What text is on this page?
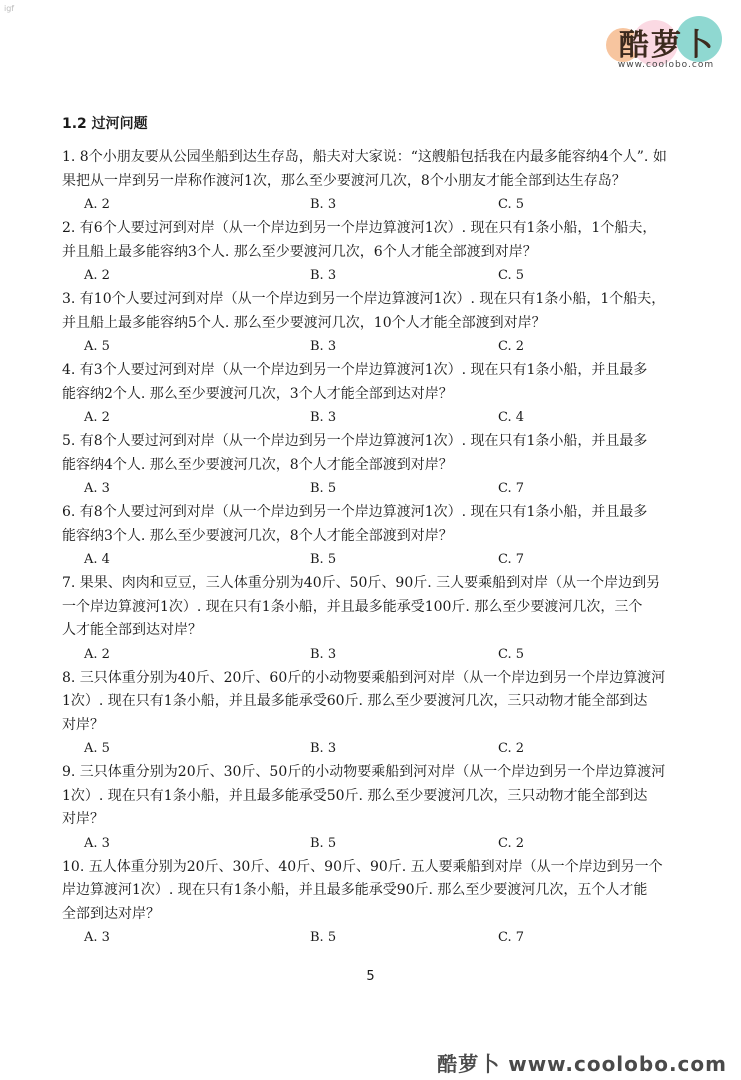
igf
酷萝卜
www.coolobo.com
1.2 过河问题

1. 8个小朋友要从公园坐船到达生存岛，船夫对大家说：“这艘船包括我在内最多能容纳4个人”. 如

果把从一岸到另一岸称作渡河1次，那么至少要渡河几次，8个小朋友才能全部到达生存岛？

A. 2	B. 3	C. 5

2. 有6个人要过河到对岸（从一个岸边到另一个岸边算渡河1次）. 现在只有1条小船，1个船夫，

并且船上最多能容纳3个人. 那么至少要渡河几次，6个人才能全部渡到对岸？

A. 2	B. 3	C. 5

3. 有10个人要过河到对岸（从一个岸边到另一个岸边算渡河1次）. 现在只有1条小船，1个船夫，

并且船上最多能容纳5个人. 那么至少要渡河几次，10个人才能全部渡到对岸？

A. 5	B. 3	C. 2

4. 有3个人要过河到对岸（从一个岸边到另一个岸边算渡河1次）. 现在只有1条小船，并且最多

能容纳2个人. 那么至少要渡河几次，3个人才能全部到达对岸？

A. 2	B. 3	C. 4

5. 有8个人要过河到对岸（从一个岸边到另一个岸边算渡河1次）. 现在只有1条小船，并且最多

能容纳4个人. 那么至少要渡河几次，8个人才能全部渡到对岸？

A. 3	B. 5	C. 7

6. 有8个人要过河到对岸（从一个岸边到另一个岸边算渡河1次）. 现在只有1条小船，并且最多

能容纳3个人. 那么至少要渡河几次，8个人才能全部渡到对岸？

A. 4	B. 5	C. 7

7. 果果、肉肉和豆豆，三人体重分别为40斤、50斤、90斤. 三人要乘船到对岸（从一个岸边到另

一个岸边算渡河1次）. 现在只有1条小船，并且最多能承受100斤. 那么至少要渡河几次，三个

人才能全部到达对岸？

A. 2	B. 3	C. 5

8. 三只体重分别为40斤、20斤、60斤的小动物要乘船到河对岸（从一个岸边到另一个岸边算渡河

1次）. 现在只有1条小船，并且最多能承受60斤. 那么至少要渡河几次，三只动物才能全部到达

对岸？

A. 5	B. 3	C. 2

9. 三只体重分别为20斤、30斤、50斤的小动物要乘船到河对岸（从一个岸边到另一个岸边算渡河

1次）. 现在只有1条小船，并且最多能承受50斤. 那么至少要渡河几次，三只动物才能全部到达

对岸？

A. 3	B. 5	C. 2

10. 五人体重分别为20斤、30斤、40斤、90斤、90斤. 五人要乘船到对岸（从一个岸边到另一个

岸边算渡河1次）. 现在只有1条小船，并且最多能承受90斤. 那么至少要渡河几次，五个人才能

全部到达对岸？

A. 3	B. 5	C. 7
5
酷萝卜 www.coolobo.com
